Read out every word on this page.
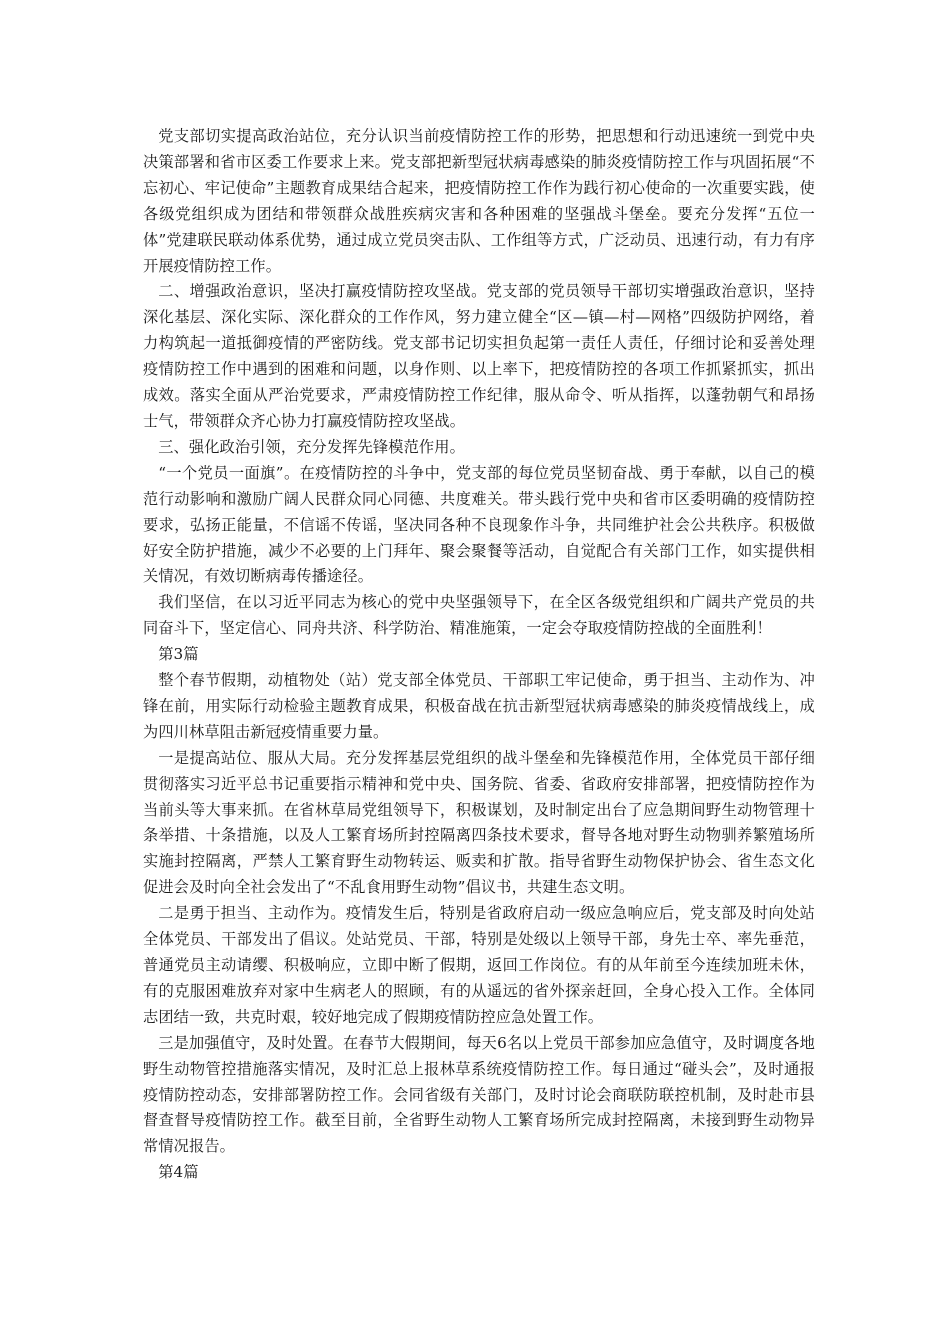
党支部切实提高政治站位，充分认识当前疫情防控工作的形势，把思想和行动迅速统一到党中央决策部署和省市区委工作要求上来。党支部把新型冠状病毒感染的肺炎疫情防控工作与巩固拓展“不忘初心、牢记使命”主题教育成果结合起来，把疫情防控工作作为践行初心使命的一次重要实践，使各级党组织成为团结和带领群众战胜疾病灾害和各种困难的坚强战斗堡垒。要充分发挥“五位一体”党建联民联动体系优势，通过成立党员突击队、工作组等方式，广泛动员、迅速行动，有力有序开展疫情防控工作。

二、增强政治意识，坚决打赢疫情防控攻坚战。党支部的党员领导干部切实增强政治意识，坚持深化基层、深化实际、深化群众的工作作风，努力建立健全“区—镇—村—网格”四级防护网络，着力构筑起一道抵御疫情的严密防线。党支部书记切实担负起第一责任人责任，仔细讨论和妥善处理疫情防控工作中遇到的困难和问题，以身作则、以上率下，把疫情防控的各项工作抓紧抓实，抓出成效。落实全面从严治党要求，严肃疫情防控工作纪律，服从命令、听从指挥，以蓬勃朝气和昂扬士气，带领群众齐心协力打赢疫情防控攻坚战。

三、强化政治引领，充分发挥先锋模范作用。

“一个党员一面旗”。在疫情防控的斗争中，党支部的每位党员坚韧奋战、勇于奉献，以自己的模范行动影响和激励广阔人民群众同心同德、共度难关。带头践行党中央和省市区委明确的疫情防控要求，弘扬正能量，不信谣不传谣，坚决同各种不良现象作斗争，共同维护社会公共秩序。积极做好安全防护措施，减少不必要的上门拜年、聚会聚餐等活动，自觉配合有关部门工作，如实提供相关情况，有效切断病毒传播途径。

我们坚信，在以习近平同志为核心的党中央坚强领导下，在全区各级党组织和广阔共产党员的共同奋斗下，坚定信心、同舟共济、科学防治、精准施策，一定会夺取疫情防控战的全面胜利！

第3篇

整个春节假期，动植物处（站）党支部全体党员、干部职工牢记使命，勇于担当、主动作为、冲锋在前，用实际行动检验主题教育成果，积极奋战在抗击新型冠状病毒感染的肺炎疫情战线上，成为四川林草阻击新冠疫情重要力量。

一是提高站位、服从大局。充分发挥基层党组织的战斗堡垒和先锋模范作用，全体党员干部仔细贯彻落实习近平总书记重要指示精神和党中央、国务院、省委、省政府安排部署，把疫情防控作为当前头等大事来抓。在省林草局党组领导下，积极谋划，及时制定出台了应急期间野生动物管理十条举措、十条措施，以及人工繁育场所封控隔离四条技术要求，督导各地对野生动物驯养繁殖场所实施封控隔离，严禁人工繁育野生动物转运、贩卖和扩散。指导省野生动物保护协会、省生态文化促进会及时向全社会发出了“不乱食用野生动物”倡议书，共建生态文明。

二是勇于担当、主动作为。疫情发生后，特别是省政府启动一级应急响应后，党支部及时向处站全体党员、干部发出了倡议。处站党员、干部，特别是处级以上领导干部，身先士卒、率先垂范，普通党员主动请缨、积极响应，立即中断了假期，返回工作岗位。有的从年前至今连续加班未休，有的克服困难放弃对家中生病老人的照顾，有的从遥远的省外探亲赶回，全身心投入工作。全体同志团结一致，共克时艰，较好地完成了假期疫情防控应急处置工作。

三是加强值守，及时处置。在春节大假期间，每天6名以上党员干部参加应急值守，及时调度各地野生动物管控措施落实情况，及时汇总上报林草系统疫情防控工作。每日通过“碰头会”，及时通报疫情防控动态，安排部署防控工作。会同省级有关部门，及时讨论会商联防联控机制，及时赴市县督查督导疫情防控工作。截至目前，全省野生动物人工繁育场所完成封控隔离，未接到野生动物异常情况报告。

第4篇
